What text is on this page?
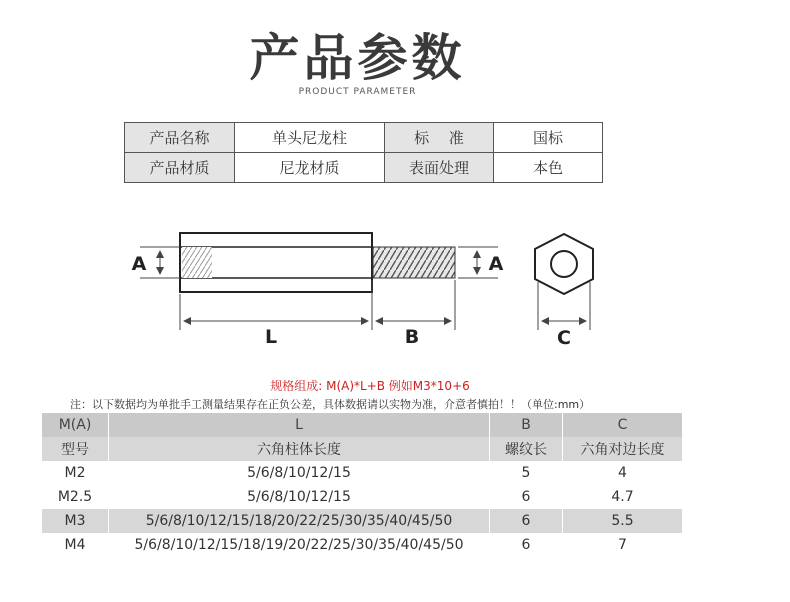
产品参数
PRODUCT PARAMETER
产品名称	单头尼龙柱	标　 准	国标
产品材质	尼龙材质	表面处理	本色
A	A
L	B	C
规格组成: M(A)*L+B 例如M3*10+6
注：以下数据均为单批手工测量结果存在正负公差，具体数据请以实物为准，介意者慎拍！！（单位:mm）
M(A)	L	B	C
型号	六角柱体长度	螺纹长	六角对边长度
M2	5/6/8/10/12/15	5	4
M2.5	5/6/8/10/12/15	6	4.7
M3	5/6/8/10/12/15/18/20/22/25/30/35/40/45/50	6	5.5
M4	5/6/8/10/12/15/18/19/20/22/25/30/35/40/45/50	6	7
